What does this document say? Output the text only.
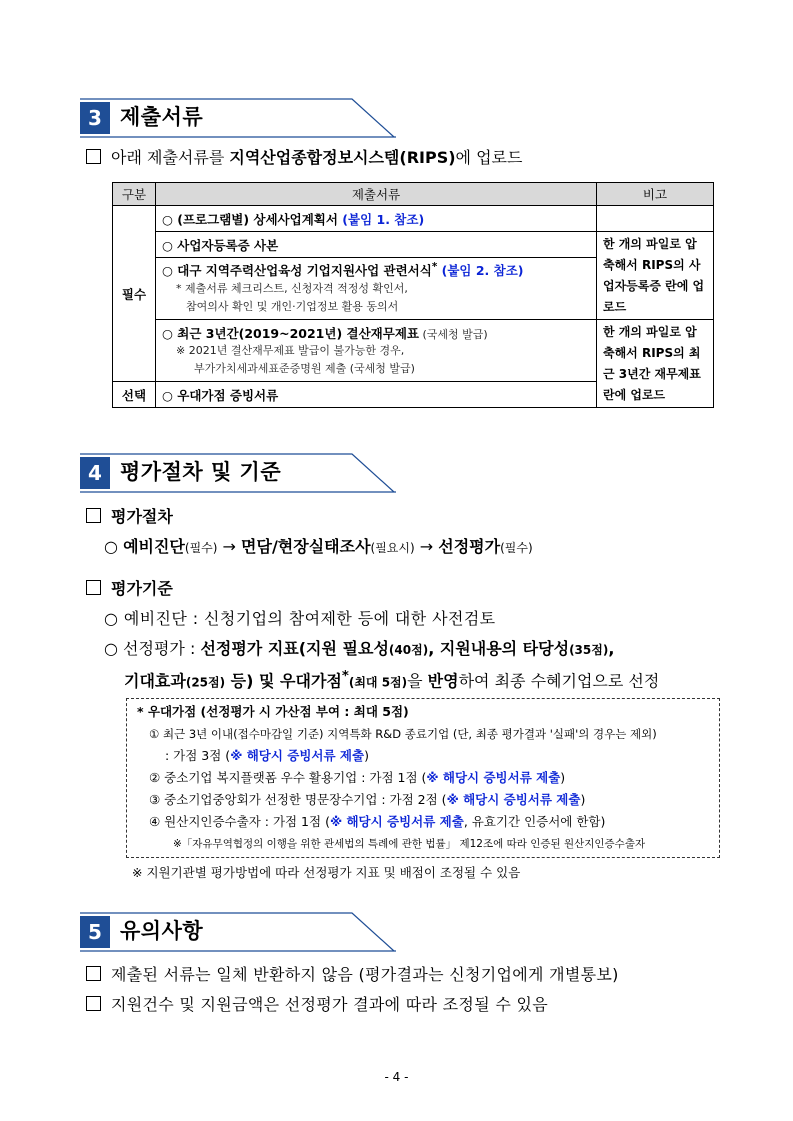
3 제출서류
아래 제출서류를 지역산업종합정보시스템(RIPS)에 업로드
구분	제출서류	비고
필수	○ (프로그램별) 상세사업계획서 (붙임 1. 참조)	
	○ 사업자등록증 사본	한 개의 파일로 압축해서 RIPS의 사업자등록증 란에 업로드

	○ 대구 지역주력산업육성 기업지원사업 관련서식* (붙임 2. 참조)
* 제출서류 체크리스트, 신청자격 적정성 확인서,
참여의사 확인 및 개인·기업정보 활용 동의서	

	○ 최근 3년간(2019~2021년) 결산재무제표 (국세청 발급)
※ 2021년 결산재무제표 발급이 불가능한 경우,
부가가치세과세표준증명원 제출 (국세청 발급)	한 개의 파일로 압축해서 RIPS의 최근 3년간 재무제표 란에 업로드
선택	○ 우대가점 증빙서류	
4 평가절차 및 기준
평가절차
○ 예비진단(필수) → 면담/현장실태조사(필요시) → 선정평가(필수)
평가기준
○ 예비진단 : 신청기업의 참여제한 등에 대한 사전검토
○ 선정평가 : 선정평가 지표(지원 필요성(40점), 지원내용의 타당성(35점),
기대효과(25점) 등) 및 우대가점*(최대 5점)을 반영하여 최종 수혜기업으로 선정
* 우대가점 (선정평가 시 가산점 부여 : 최대 5점)
① 최근 3년 이내(접수마감일 기준) 지역특화 R&D 종료기업 (단, 최종 평가결과 '실패'의 경우는 제외)
: 가점 3점 (※ 해당시 증빙서류 제출)
② 중소기업 복지플랫폼 우수 활용기업 : 가점 1점 (※ 해당시 증빙서류 제출)
③ 중소기업중앙회가 선정한 명문장수기업 : 가점 2점 (※ 해당시 증빙서류 제출)
④ 원산지인증수출자 : 가점 1점 (※ 해당시 증빙서류 제출, 유효기간 인증서에 한함)
※「자유무역협정의 이행을 위한 관세법의 특례에 관한 법률」 제12조에 따라 인증된 원산지인증수출자
※ 지원기관별 평가방법에 따라 선정평가 지표 및 배점이 조정될 수 있음
5 유의사항
제출된 서류는 일체 반환하지 않음 (평가결과는 신청기업에게 개별통보)
지원건수 및 지원금액은 선정평가 결과에 따라 조정될 수 있음
- 4 -
